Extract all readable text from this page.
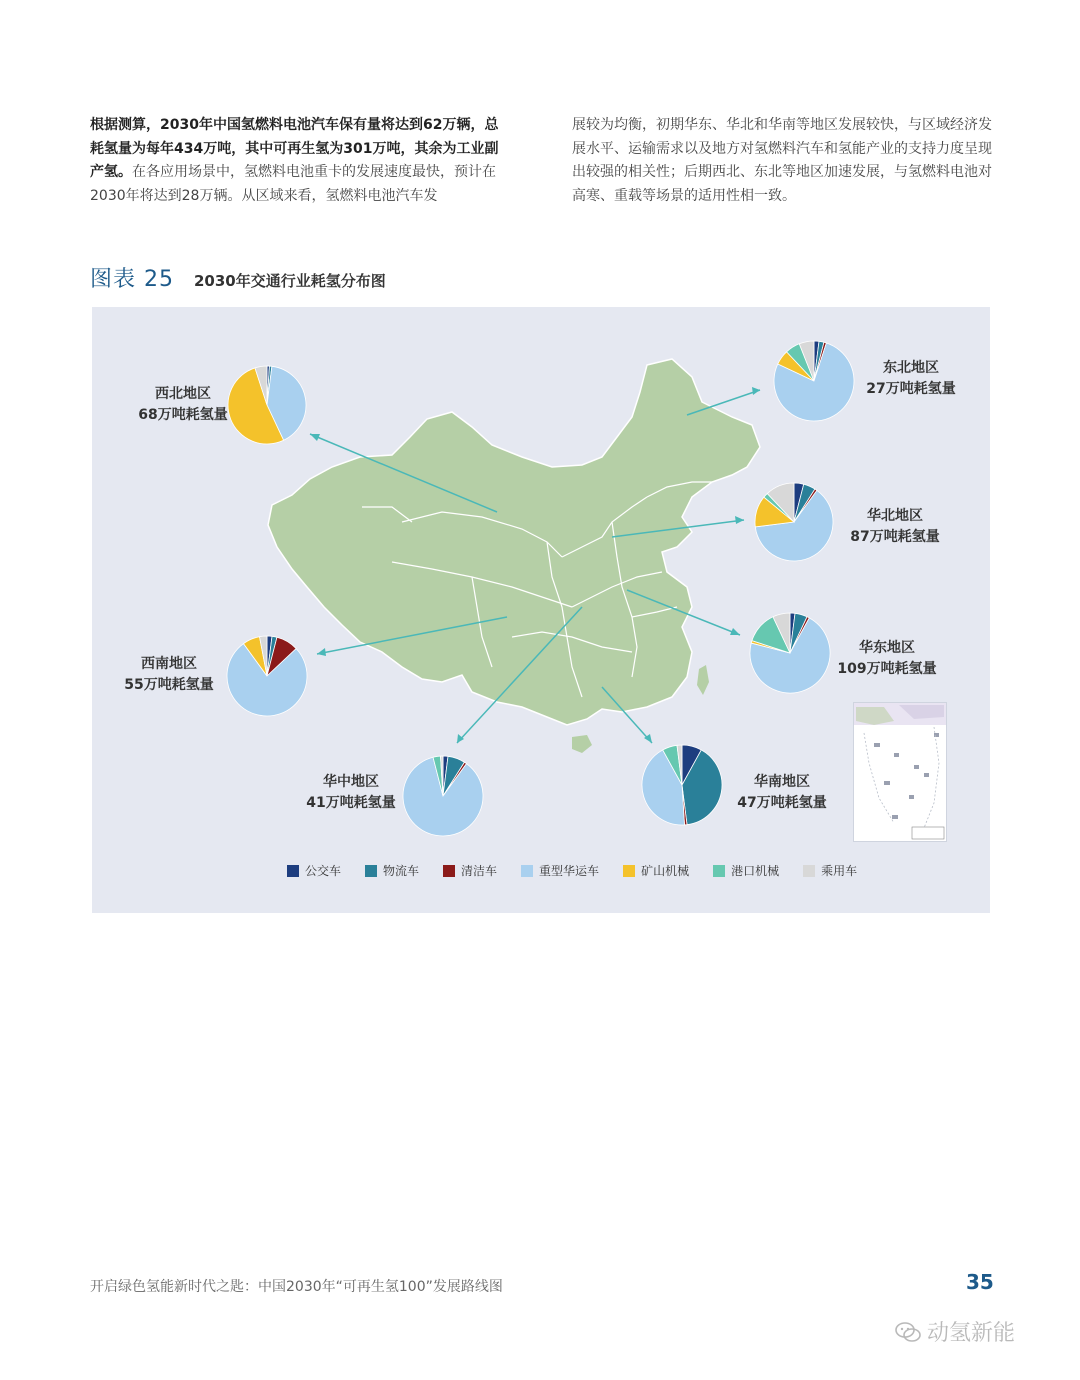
根据测算，2030年中国氢燃料电池汽车保有量将达到62万辆，总耗氢量为每年434万吨，其中可再生氢为301万吨，其余为工业副产氢。在各应用场景中，氢燃料电池重卡的发展速度最快，预计在2030年将达到28万辆。从区域来看，氢燃料电池汽车发
展较为均衡，初期华东、华北和华南等地区发展较快，与区域经济发展水平、运输需求以及地方对氢燃料汽车和氢能产业的支持力度呈现出较强的相关性；后期西北、东北等地区加速发展，与氢燃料电池对高寒、重载等场景的适用性相一致。
图表 25 2030年交通行业耗氢分布图
西北地区
68万吨耗氢量
东北地区
27万吨耗氢量
华北地区
87万吨耗氢量
华东地区
109万吨耗氢量
西南地区
55万吨耗氢量
华中地区
41万吨耗氢量
华南地区
47万吨耗氢量
公交车	物流车	清洁车	重型华运车	矿山机械	港口机械	乘用车
开启绿色氢能新时代之匙：中国2030年“可再生氢100”发展路线图	35
动氢新能
